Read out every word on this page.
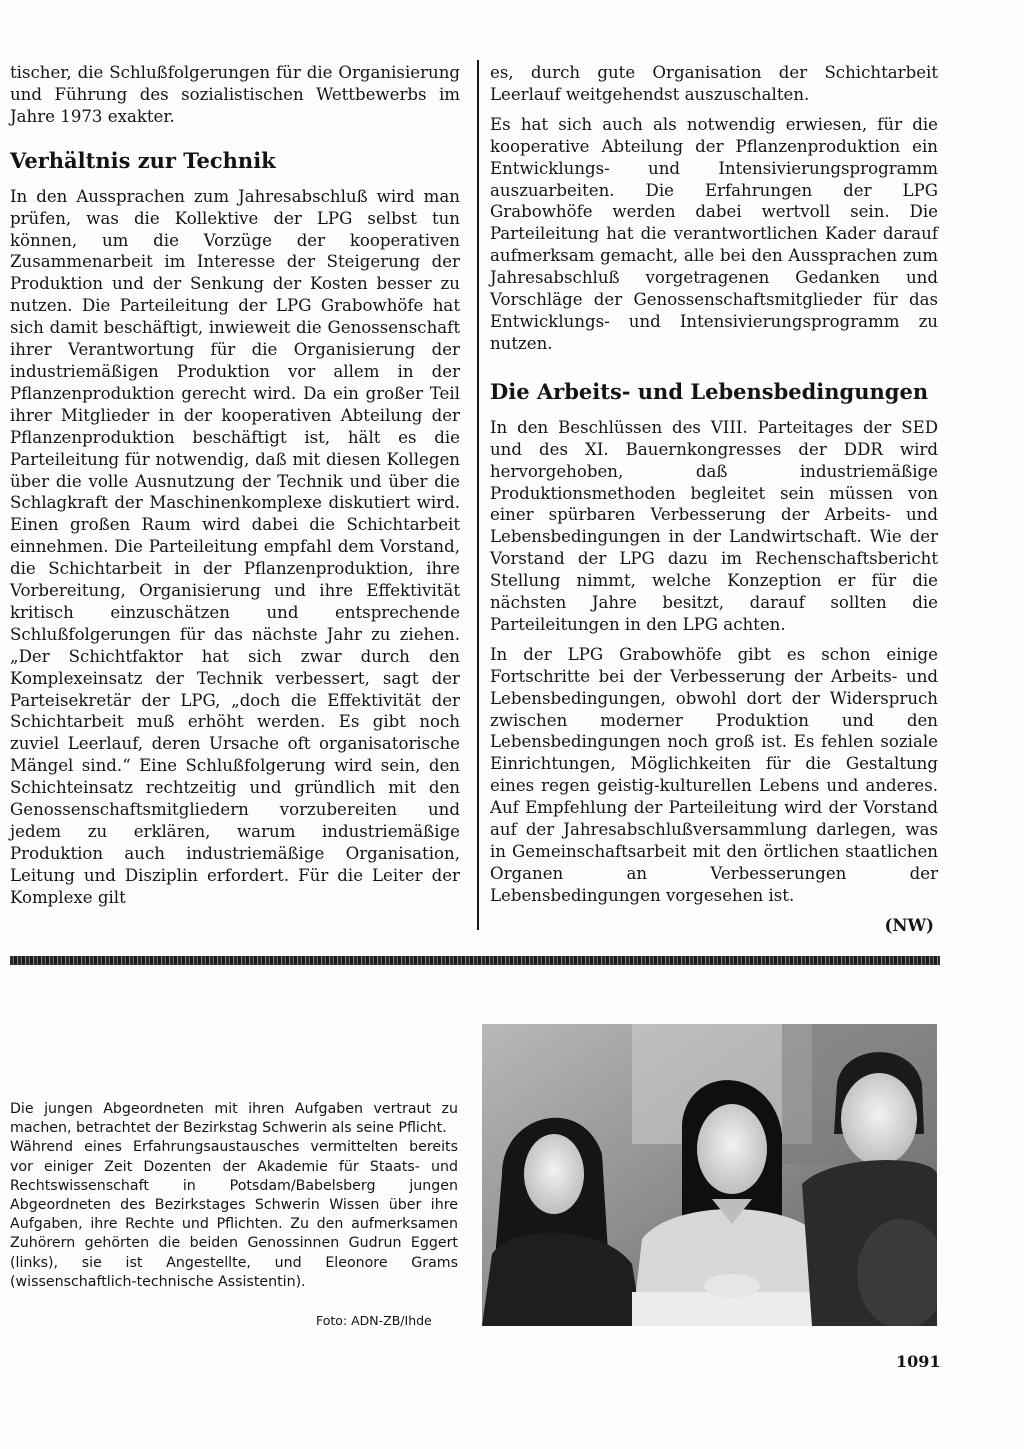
tischer, die Schlußfolgerungen für die Organisierung und Führung des sozialistischen Wettbewerbs im Jahre 1973 exakter.

Verhältnis zur Technik

In den Aussprachen zum Jahresabschluß wird man prüfen, was die Kollektive der LPG selbst tun können, um die Vorzüge der kooperativen Zusammenarbeit im Interesse der Steigerung der Produktion und der Senkung der Kosten besser zu nutzen. Die Parteileitung der LPG Grabowhöfe hat sich damit beschäftigt, inwieweit die Genossenschaft ihrer Verantwortung für die Organisierung der industriemäßigen Produktion vor allem in der Pflanzenproduktion gerecht wird. Da ein großer Teil ihrer Mitglieder in der kooperativen Abteilung der Pflanzenproduktion beschäftigt ist, hält es die Parteileitung für notwendig, daß mit diesen Kollegen über die volle Ausnutzung der Technik und über die Schlagkraft der Maschinenkomplexe diskutiert wird. Einen großen Raum wird dabei die Schichtarbeit einnehmen. Die Parteileitung empfahl dem Vorstand, die Schichtarbeit in der Pflanzenproduktion, ihre Vorbereitung, Organisierung und ihre Effektivität kritisch einzuschätzen und entsprechende Schlußfolgerungen für das nächste Jahr zu ziehen. „Der Schichtfaktor hat sich zwar durch den Komplexeinsatz der Technik verbessert, sagt der Parteisekretär der LPG, „doch die Effektivität der Schichtarbeit muß erhöht werden. Es gibt noch zuviel Leerlauf, deren Ursache oft organisatorische Mängel sind.“ Eine Schlußfolgerung wird sein, den Schichteinsatz rechtzeitig und gründlich mit den Genossenschaftsmitgliedern vorzubereiten und jedem zu erklären, warum industriemäßige Produktion auch industriemäßige Organisation, Leitung und Disziplin erfordert. Für die Leiter der Komplexe gilt

es, durch gute Organisation der Schichtarbeit Leerlauf weitgehendst auszuschalten.

Es hat sich auch als notwendig erwiesen, für die kooperative Abteilung der Pflanzenproduktion ein Entwicklungs- und Intensivierungsprogramm auszuarbeiten. Die Erfahrungen der LPG Grabowhöfe werden dabei wertvoll sein. Die Parteileitung hat die verantwortlichen Kader darauf aufmerksam gemacht, alle bei den Aussprachen zum Jahresabschluß vorgetragenen Gedanken und Vorschläge der Genossenschaftsmitglieder für das Entwicklungs- und Intensivierungsprogramm zu nutzen.

Die Arbeits- und Lebensbedingungen

In den Beschlüssen des VIII. Parteitages der SED und des XI. Bauernkongresses der DDR wird hervorgehoben, daß industriemäßige Produktionsmethoden begleitet sein müssen von einer spürbaren Verbesserung der Arbeits- und Lebensbedingungen in der Landwirtschaft. Wie der Vorstand der LPG dazu im Rechenschaftsbericht Stellung nimmt, welche Konzeption er für die nächsten Jahre besitzt, darauf sollten die Parteileitungen in den LPG achten.

In der LPG Grabowhöfe gibt es schon einige Fortschritte bei der Verbesserung der Arbeits- und Lebensbedingungen, obwohl dort der Widerspruch zwischen moderner Produktion und den Lebensbedingungen noch groß ist. Es fehlen soziale Einrichtungen, Möglichkeiten für die Gestaltung eines regen geistig-kulturellen Lebens und anderes. Auf Empfehlung der Parteileitung wird der Vorstand auf der Jahresabschlußversammlung darlegen, was in Gemeinschaftsarbeit mit den örtlichen staatlichen Organen an Verbesserungen der Lebensbedingungen vorgesehen ist.

(NW)

Die jungen Abgeordneten mit ihren Aufgaben vertraut zu machen, betrachtet der Bezirkstag Schwerin als seine Pflicht.

Während eines Erfahrungsaustausches vermittelten bereits vor einiger Zeit Dozenten der Akademie für Staats- und Rechtswissenschaft in Potsdam/Babelsberg jungen Abgeordneten des Bezirkstages Schwerin Wissen über ihre Aufgaben, ihre Rechte und Pflichten. Zu den aufmerksamen Zuhörern gehörten die beiden Genossinnen Gudrun Eggert (links), sie ist Angestellte, und Eleonore Grams (wissenschaftlich-technische Assistentin).

Foto: ADN-ZB/Ihde
1091
